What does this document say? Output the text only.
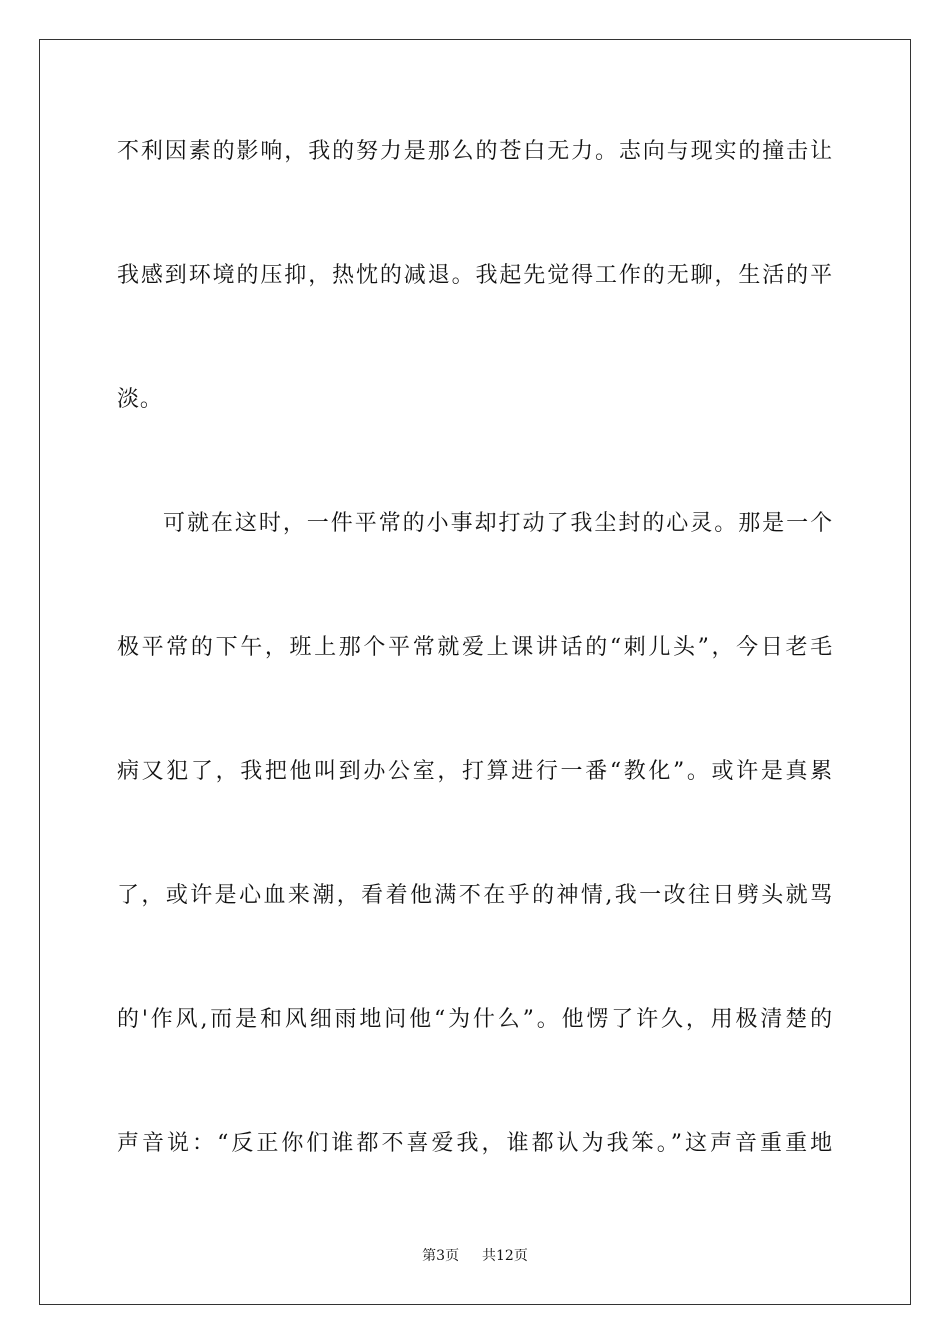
不利因素的影响，我的努力是那么的苍白无力。志向与现实的撞击让
我感到环境的压抑，热忱的减退。我起先觉得工作的无聊，生活的平
淡。
可就在这时，一件平常的小事却打动了我尘封的心灵。那是一个
极平常的下午，班上那个平常就爱上课讲话的“刺儿头”，今日老毛
病又犯了，我把他叫到办公室，打算进行一番“教化”。或许是真累
了，或许是心血来潮，看着他满不在乎的神情,我一改往日劈头就骂
的'作风,而是和风细雨地问他“为什么”。他愣了许久，用极清楚的
声音说：“反正你们谁都不喜爱我，谁都认为我笨。”这声音重重地
第3页 共12页
